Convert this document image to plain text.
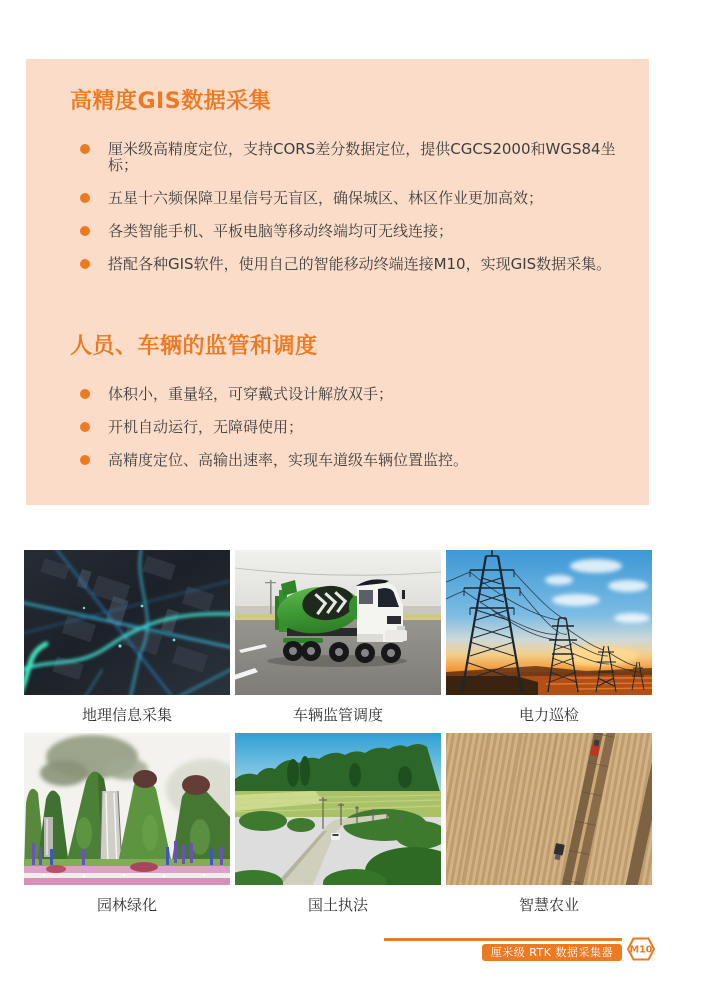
高精度GIS数据采集
厘米级高精度定位，支持CORS差分数据定位，提供CGCS2000和WGS84坐标；
五星十六频保障卫星信号无盲区，确保城区、林区作业更加高效；
各类智能手机、平板电脑等移动终端均可无线连接；
搭配各种GIS软件，使用自己的智能移动终端连接M10，实现GIS数据采集。
人员、车辆的监管和调度
体积小，重量轻，可穿戴式设计解放双手；
开机自动运行，无障碍使用；
高精度定位、高输出速率，实现车道级车辆位置监控。
地理信息采集	车辆监管调度	电力巡检
园林绿化	国土执法	智慧农业
厘米级 RTK 数据采集器	M10
